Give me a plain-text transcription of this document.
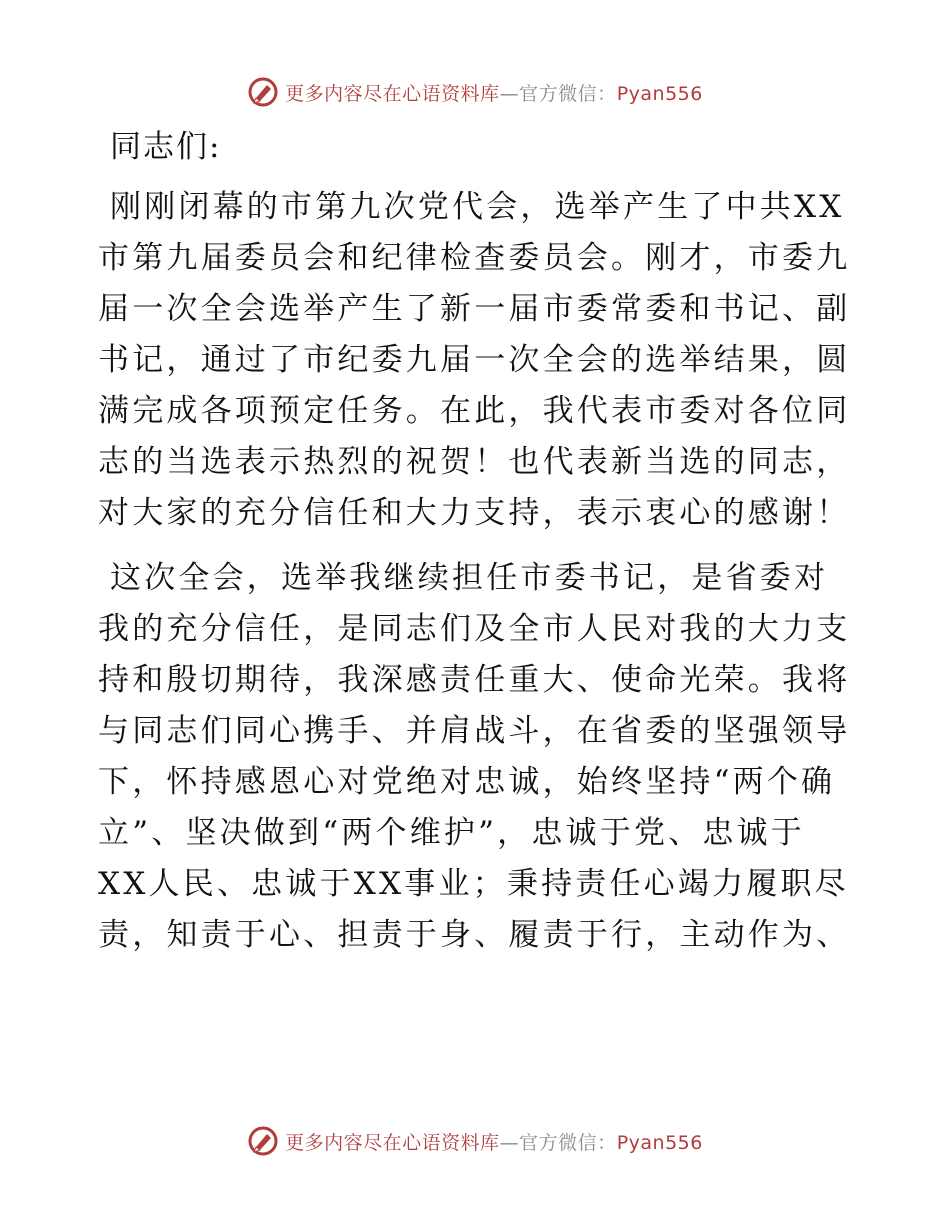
更多内容尽在心语资料库—官方微信：Pyan556
同志们:
刚刚闭幕的市第九次党代会，选举产生了中共XX
市第九届委员会和纪律检查委员会。刚才，市委九
届一次全会选举产生了新一届市委常委和书记、副
书记，通过了市纪委九届一次全会的选举结果，圆
满完成各项预定任务。在此，我代表市委对各位同
志的当选表示热烈的祝贺！也代表新当选的同志，
对大家的充分信任和大力支持，表示衷心的感谢！
这次全会，选举我继续担任市委书记，是省委对
我的充分信任，是同志们及全市人民对我的大力支
持和殷切期待，我深感责任重大、使命光荣。我将
与同志们同心携手、并肩战斗，在省委的坚强领导
下，怀持感恩心对党绝对忠诚，始终坚持“两个确
立”、坚决做到“两个维护”，忠诚于党、忠诚于
XX人民、忠诚于XX事业；秉持责任心竭力履职尽
责，知责于心、担责于身、履责于行，主动作为、
更多内容尽在心语资料库—官方微信：Pyan556
